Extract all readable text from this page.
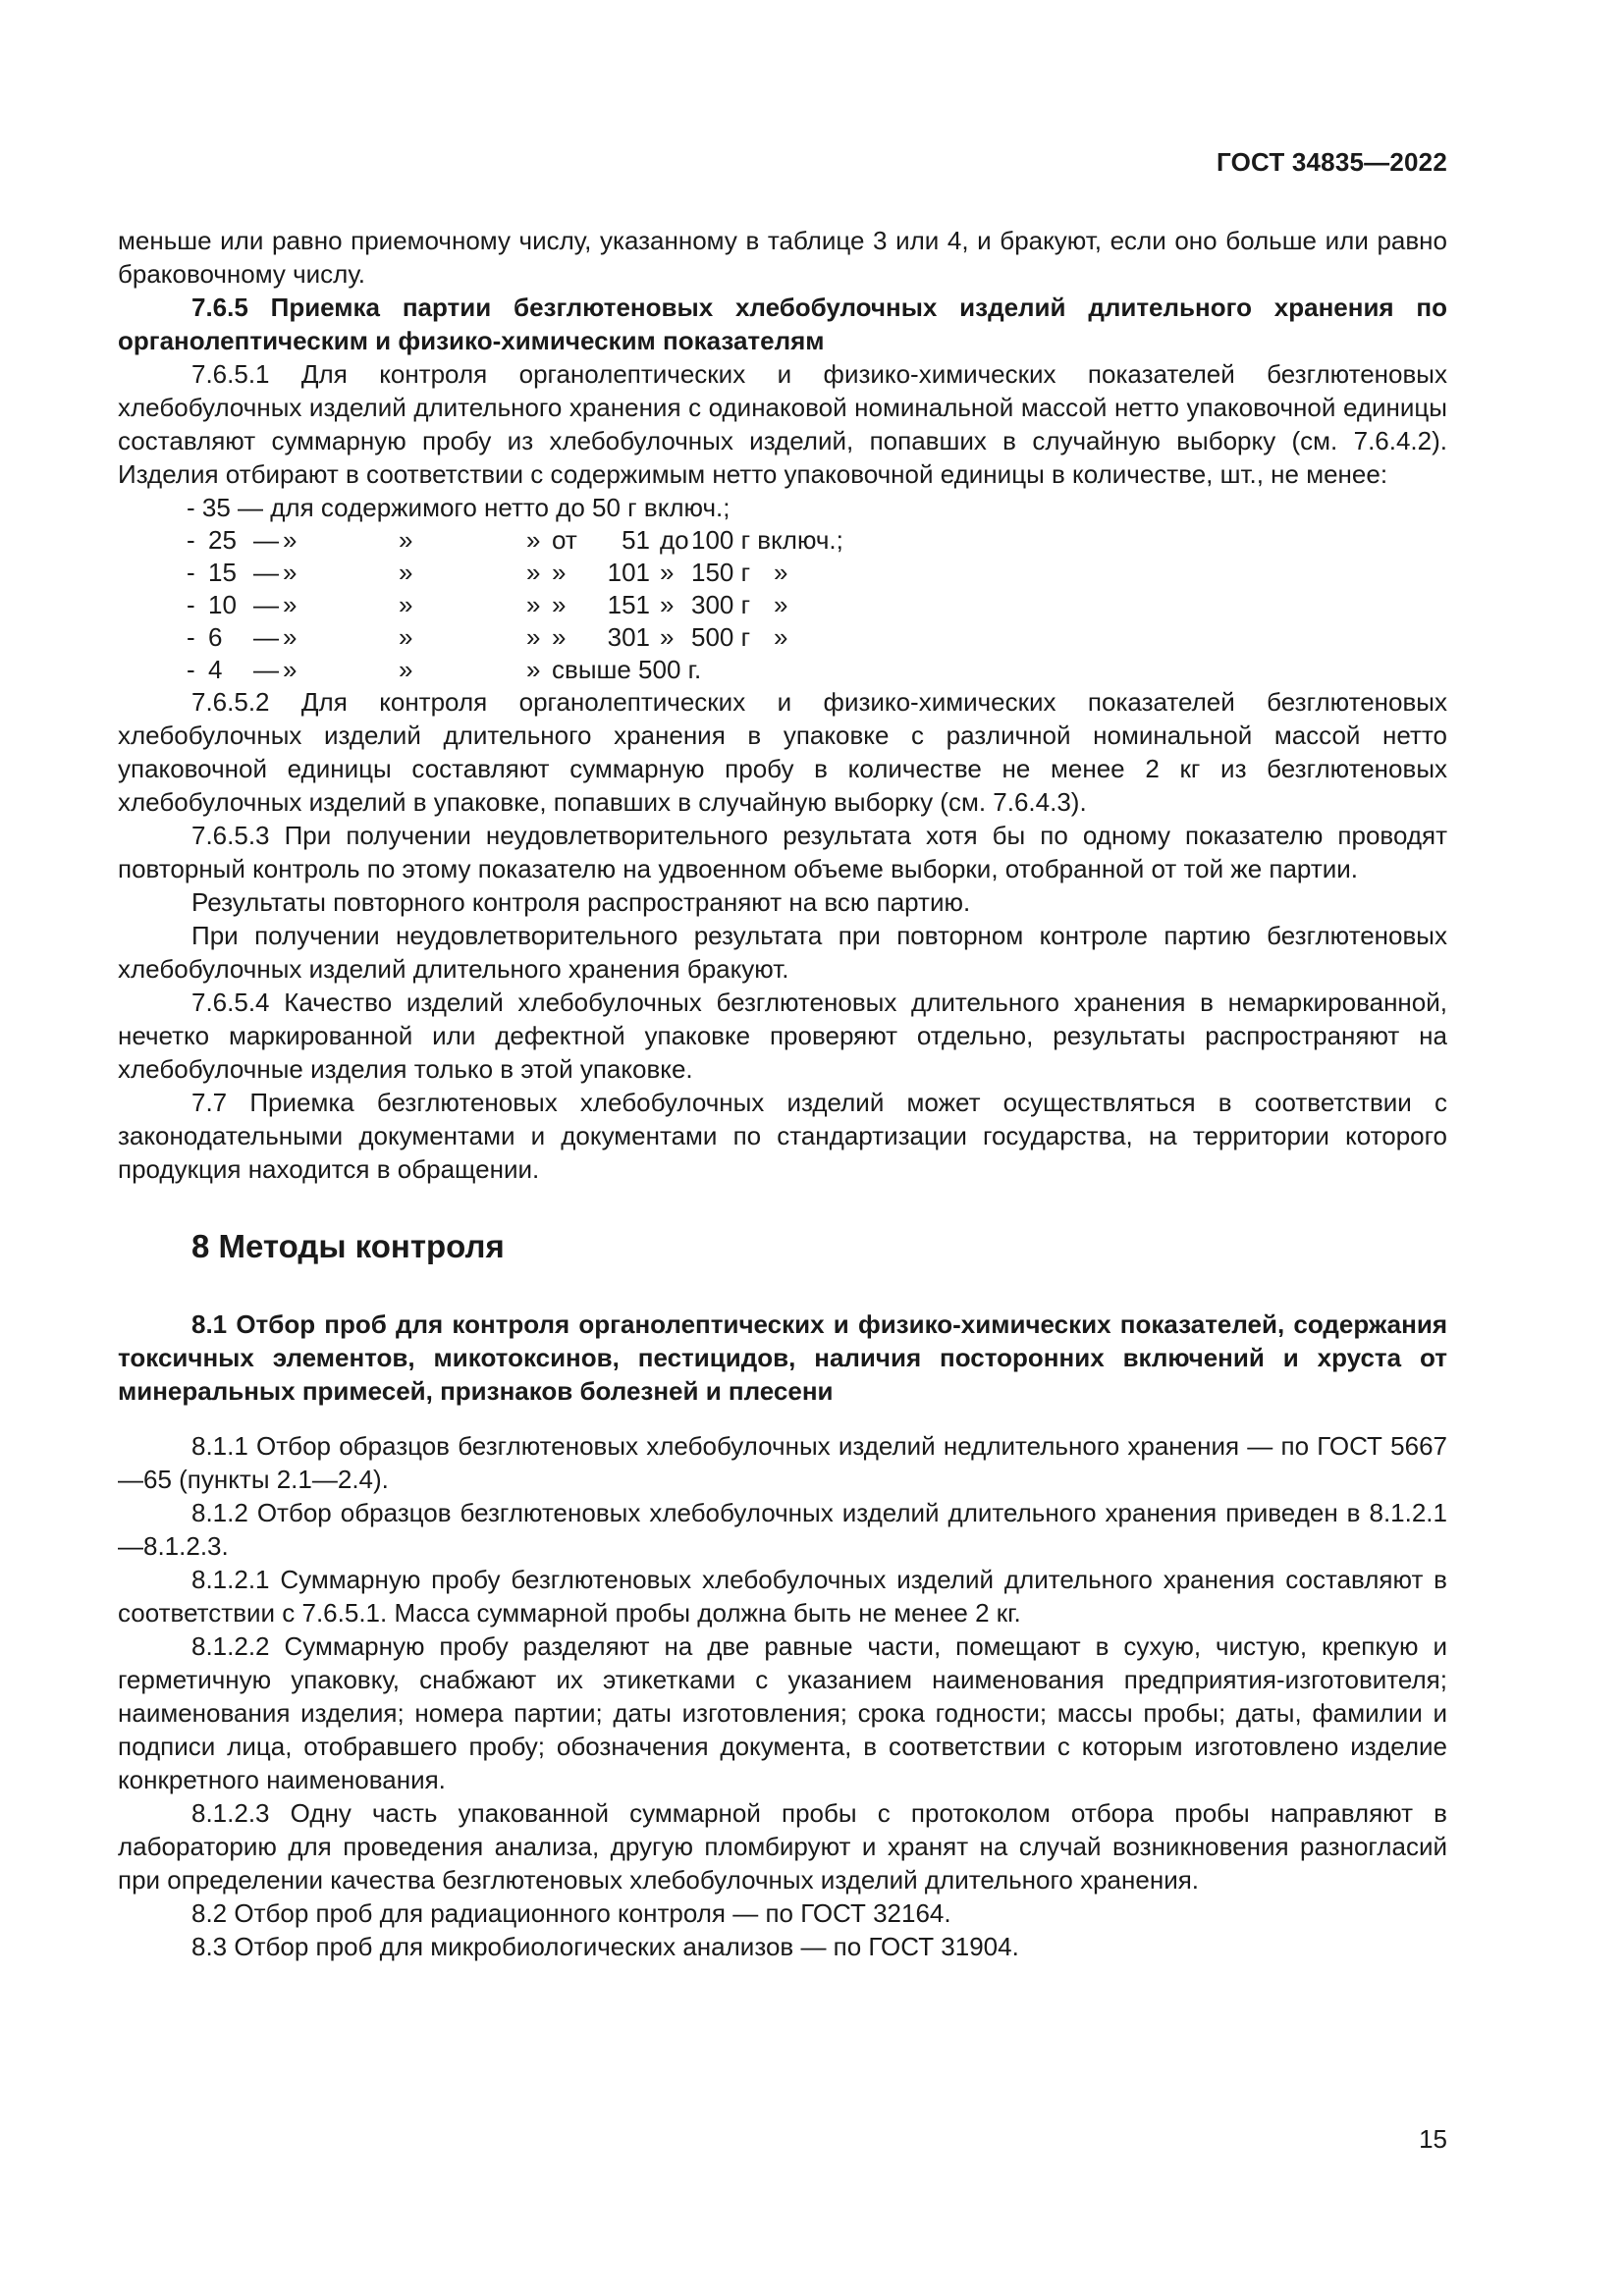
ГОСТ 34835—2022

меньше или равно приемочному числу, указанному в таблице 3 или 4, и бракуют, если оно больше или равно браковочному числу.

7.6.5 Приемка партии безглютеновых хлебобулочных изделий длительного хранения по органолептическим и физико-химическим показателям

7.6.5.1 Для контроля органолептических и физико-химических показателей безглютеновых хлебобулочных изделий длительного хранения с одинаковой номинальной массой нетто упаковочной единицы составляют суммарную пробу из хлебобулочных изделий, попавших в случайную выборку (см. 7.6.4.2). Изделия отбирают в соответствии с содержимым нетто упаковочной единицы в количестве, шт., не менее:

- 35 — для содержимого нетто до 50 г включ.;
- 25 — »	»	» от	51 до 100 г включ.;
- 15 — »	»	» »	101 » 150 г »
- 10 — »	»	» »	151 » 300 г »
- 6	— »	»	» »	301 » 500 г »
- 4	— »	»	» свыше 500 г.

7.6.5.2 Для контроля органолептических и физико-химических показателей безглютеновых хлебобулочных изделий длительного хранения в упаковке с различной номинальной массой нетто упаковочной единицы составляют суммарную пробу в количестве не менее 2 кг из безглютеновых хлебобулочных изделий в упаковке, попавших в случайную выборку (см. 7.6.4.3).

7.6.5.3 При получении неудовлетворительного результата хотя бы по одному показателю проводят повторный контроль по этому показателю на удвоенном объеме выборки, отобранной от той же партии.

Результаты повторного контроля распространяют на всю партию.

При получении неудовлетворительного результата при повторном контроле партию безглютеновых хлебобулочных изделий длительного хранения бракуют.

7.6.5.4 Качество изделий хлебобулочных безглютеновых длительного хранения в немаркированной, нечетко маркированной или дефектной упаковке проверяют отдельно, результаты распространяют на хлебобулочные изделия только в этой упаковке.

7.7 Приемка безглютеновых хлебобулочных изделий может осуществляться в соответствии с законодательными документами и документами по стандартизации государства, на территории которого продукция находится в обращении.

8 Методы контроля

8.1 Отбор проб для контроля органолептических и физико-химических показателей, содержания токсичных элементов, микотоксинов, пестицидов, наличия посторонних включений и хруста от минеральных примесей, признаков болезней и плесени

8.1.1 Отбор образцов безглютеновых хлебобулочных изделий недлительного хранения — по ГОСТ 5667—65 (пункты 2.1—2.4).

8.1.2 Отбор образцов безглютеновых хлебобулочных изделий длительного хранения приведен в 8.1.2.1—8.1.2.3.

8.1.2.1 Суммарную пробу безглютеновых хлебобулочных изделий длительного хранения составляют в соответствии с 7.6.5.1. Масса суммарной пробы должна быть не менее 2 кг.

8.1.2.2 Суммарную пробу разделяют на две равные части, помещают в сухую, чистую, крепкую и герметичную упаковку, снабжают их этикетками с указанием наименования предприятия-изготовителя; наименования изделия; номера партии; даты изготовления; срока годности; массы пробы; даты, фамилии и подписи лица, отобравшего пробу; обозначения документа, в соответствии с которым изготовлено изделие конкретного наименования.

8.1.2.3 Одну часть упакованной суммарной пробы с протоколом отбора пробы направляют в лабораторию для проведения анализа, другую пломбируют и хранят на случай возникновения разногласий при определении качества безглютеновых хлебобулочных изделий длительного хранения.

8.2 Отбор проб для радиационного контроля — по ГОСТ 32164.

8.3 Отбор проб для микробиологических анализов — по ГОСТ 31904.

15
